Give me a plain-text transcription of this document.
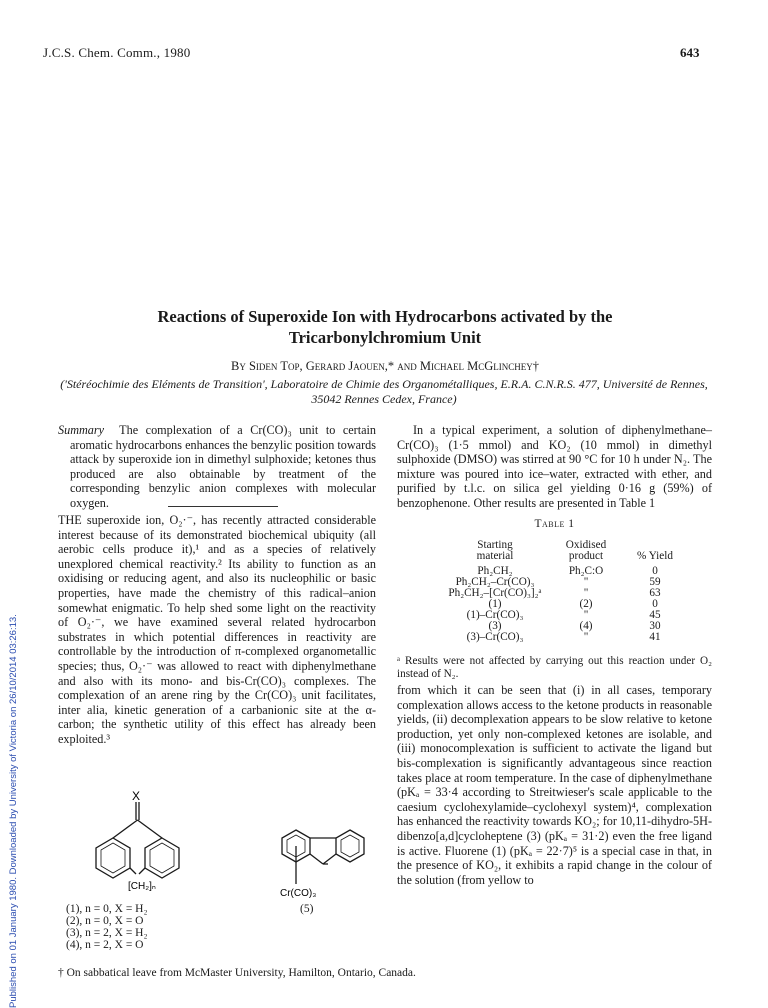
J.C.S. Chem. Comm., 1980	643
Published on 01 January 1980. Downloaded by University of Victoria on 26/10/2014 03:26:13.
Reactions of Superoxide Ion with Hydrocarbons activated by the
Tricarbonylchromium Unit
By Siden Top, Gerard Jaouen,* and Michael McGlinchey†
('Stéréochimie des Eléments de Transition', Laboratoire de Chimie des Organométalliques, E.R.A. C.N.R.S. 477, Université de Rennes, 35042 Rennes Cedex, France)

Summary The complexation of a Cr(CO)₃ unit to certain aromatic hydrocarbons enhances the benzylic position towards attack by superoxide ion in dimethyl sulphoxide; ketones thus produced are also obtainable by treatment of the corresponding benzylic anion complexes with molecular oxygen.

THE superoxide ion, O₂·⁻, has recently attracted considerable interest because of its demonstrated biochemical ubiquity (all aerobic cells produce it),¹ and as a species of relatively unexplored chemical reactivity.² Its ability to function as an oxidising or reducing agent, and also its nucleophilic or basic properties, have made the chemistry of this radical–anion somewhat enigmatic. To help shed some light on the reactivity of O₂·⁻, we have examined several related hydrocarbon substrates in which potential differences in reactivity are controllable by the introduction of π-complexed organometallic species; thus, O₂·⁻ was allowed to react with diphenylmethane and also with its mono- and bis-Cr(CO)₃ complexes. The complexation of an arene ring by the Cr(CO)₃ unit facilitates, inter alia, kinetic generation of a carbanionic site at the α-carbon; the synthetic utility of this effect has already been exploited.³

In a typical experiment, a solution of diphenylmethane–Cr(CO)₃ (1·5 mmol) and KO₂ (10 mmol) in dimethyl sulphoxide (DMSO) was stirred at 90 °C for 10 h under N₂. The mixture was poured into ice–water, extracted with ether, and purified by t.l.c. on silica gel yielding 0·16 g (59%) of benzophenone. Other results are presented in Table 1

Table 1
Starting
material
Oxidised
product	% Yield
Ph₂CH₂	Ph₂C:O	0
Ph₂CH₂–Cr(CO)₃	"	59
Ph₂CH₂–[Cr(CO)₃]₂ᵃ	"	63
(1)	(2)	0
(1)–Cr(CO)₃	"	45
(3)	(4)	30
(3)–Cr(CO)₃	"	41
ᵃ Results were not affected by carrying out this reaction under O₂ instead of N₂.

from which it can be seen that (i) in all cases, temporary complexation allows access to the ketone products in reasonable yields, (ii) decomplexation appears to be slow relative to ketone production, yet only non-complexed ketones are isolable, and (iii) monocomplexation is sufficient to activate the ligand but bis-complexation is significantly advantageous since reaction takes place at room temperature. In the case of diphenylmethane (pKₐ = 33·4 according to Streitwieser's scale applicable to the caesium cyclohexylamide–cyclohexyl system)⁴, complexation has enhanced the reactivity towards KO₂; for 10,11-dihydro-5H-dibenzo[a,d]cycloheptene (3) (pKₐ = 31·2) even the free ligand is active. Fluorene (1) (pKₐ = 22·7)⁵ is a special case in that, in the presence of KO₂, it exhibits a rapid change in the colour of the solution (from yellow to

X
[CH₂]ₙ
Cr(CO)₃
(1), n = 0, X = H₂
(2), n = 0, X = O
(3), n = 2, X = H₂
(4), n = 2, X = O
(5)
† On sabbatical leave from McMaster University, Hamilton, Ontario, Canada.
